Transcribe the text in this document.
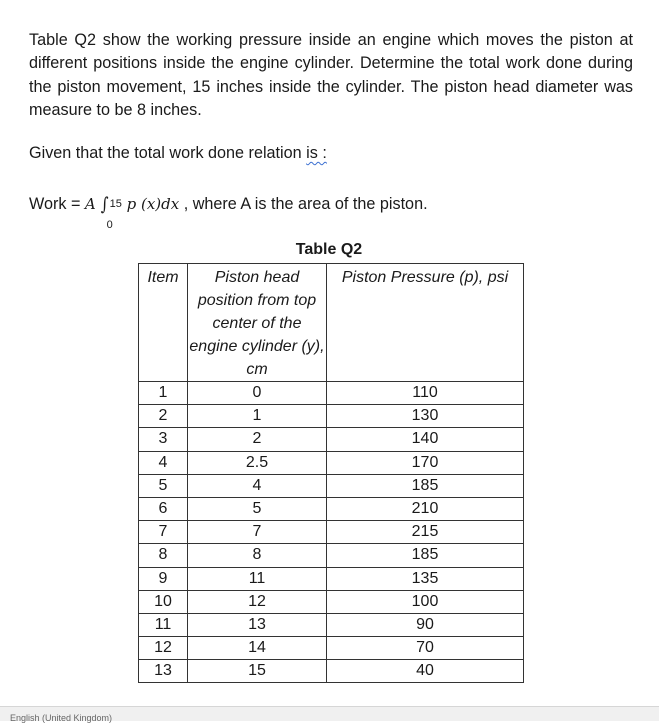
Table Q2 show the working pressure inside an engine which moves the piston at different positions inside the engine cylinder. Determine the total work done during the piston movement, 15 inches inside the cylinder. The piston head diameter was measure to be 8 inches.
Given that the total work done relation is :
Work = A ∫ 15
0
p (x)dx , where A is the area of the piston.
Table Q2
Item	Piston head position from top center of the engine cylinder (y), cm	Piston Pressure (p), psi
1	0	110
2	1	130
3	2	140
4	2.5	170
5	4	185
6	5	210
7	7	215
8	8	185
9	11	135
10	12	100
11	13	90
12	14	70
13	15	40
English (United Kingdom)
